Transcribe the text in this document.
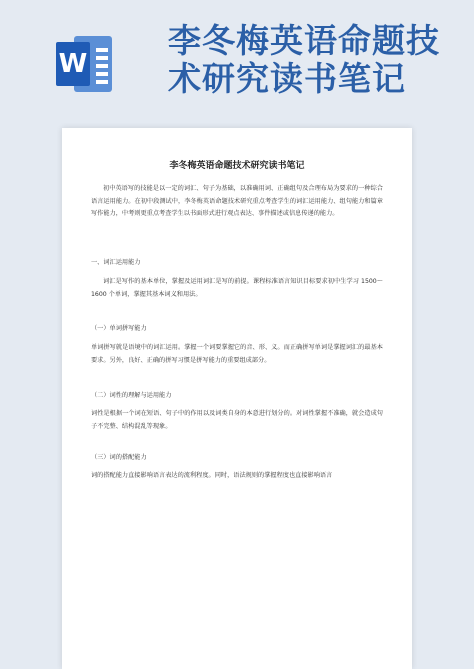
W
李冬梅英语命题技
术研究读书笔记
李冬梅英语命题技术研究读书笔记
初中英语写的技能是以一定的词汇、句子为基础，以准确用词、正确组句及合理布局为要求的一种综合语言运用能力。在初中段测试中，李冬梅英语命题技术研究重点考查学生的词汇运用能力、组句能力和篇章写作能力，中考则更重点考查学生以书面形式进行观点表达、事件描述或信息传递的能力。
一、词汇运用能力
词汇是写作的基本单位，掌握及运用词汇是写的前提。课程标准语言知识目标要求初中生学习 1500～1600 个单词，掌握其基本词义和用法。
（一）单词拼写能力
单词拼写就是语境中的词汇运用。掌握一个词要掌握它的音、形、义。而正确拼写单词是掌握词汇的最基本要求。另外，良好、正确的拼写习惯是拼写能力的重要组成部分。
（二）词性的理解与运用能力
词性是根据一个词在短语、句子中的作用以及词类自身的本意进行划分的。对词性掌握不准确，就会造成句子不完整、结构混乱等现象。
（三）词的搭配能力
词的搭配能力直接影响语言表达的流利程度。同时，语法规则的掌握程度也直接影响语言
